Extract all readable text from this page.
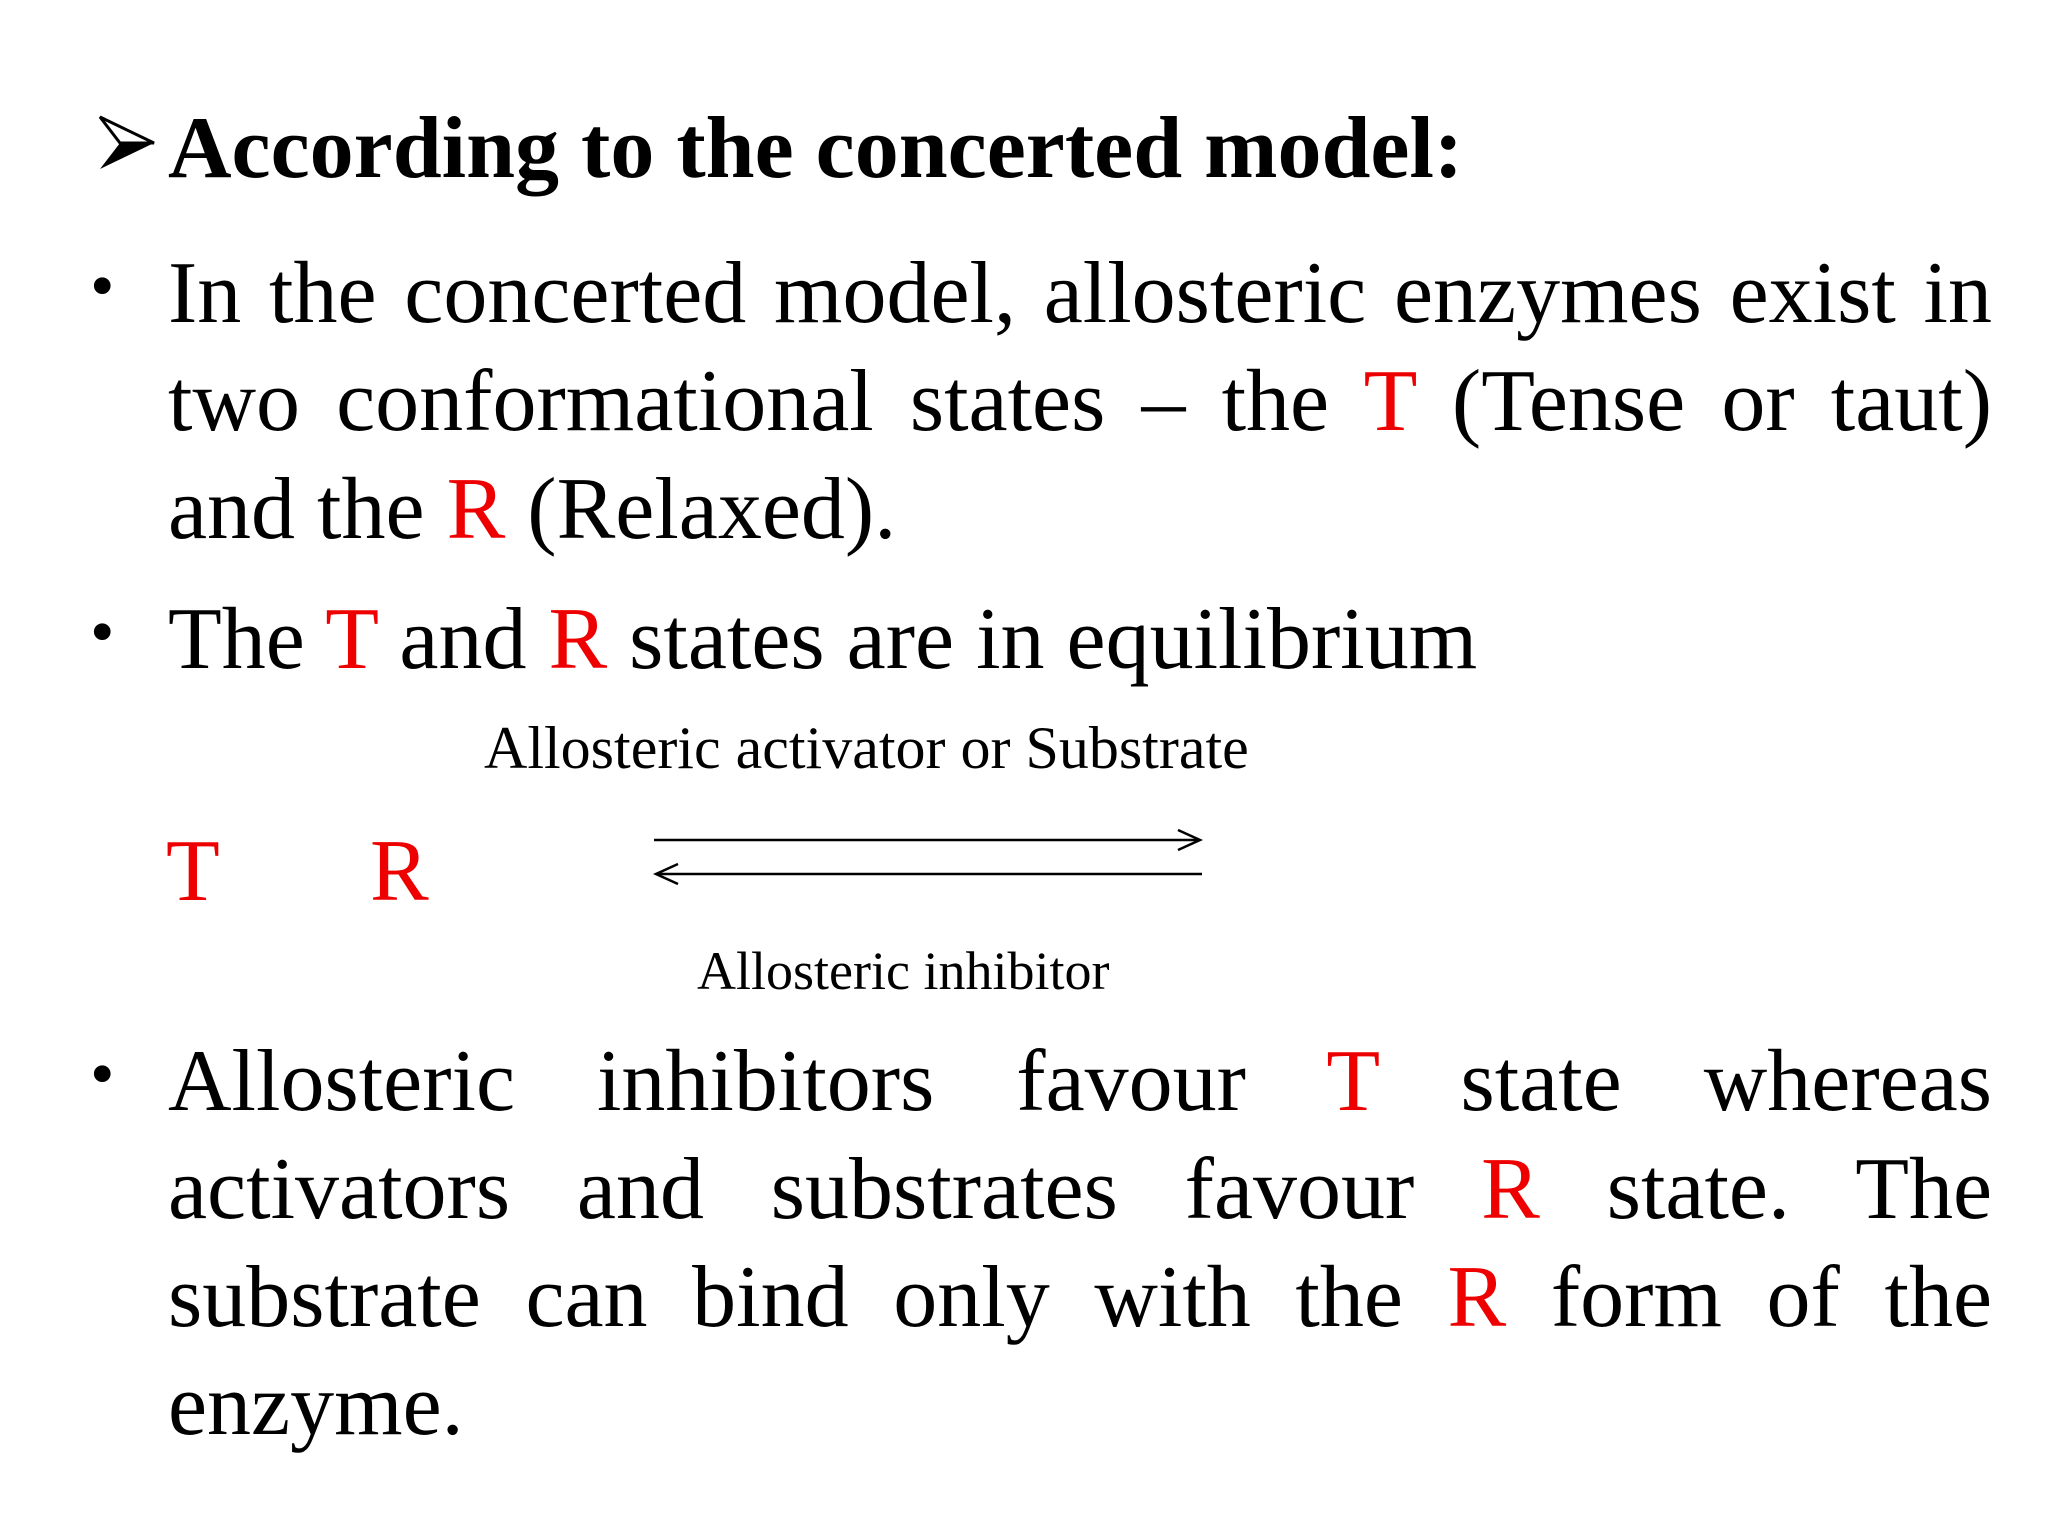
According to the concerted model:
• In the concerted model, allosteric enzymes exist in two conformational states – the T (Tense or taut) and the R (Relaxed).
• The T and R states are in equilibrium
Allosteric activator or Substrate
T R
Allosteric inhibitor
• Allosteric inhibitors favour T state whereas activators and substrates favour R state. The substrate can bind only with the R form of the enzyme.
